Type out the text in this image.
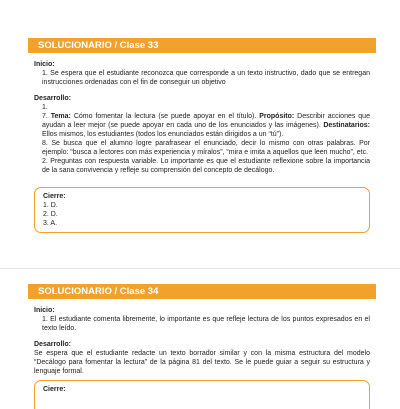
SOLUCIONARIO / Clase 33
Inicio:
1. Se espera que el estudiante reconozca que corresponde a un texto instructivo, dado que se entregan instrucciones ordenadas con el fin de conseguir un objetivo
Desarrollo:
1.
7. Tema: Cómo fomentar la lectura (se puede apoyar en el título). Propósito: Describir acciones que ayudan a leer mejor (se puede apoyar en cada uno de los enunciados y las imágenes). Destinatarios: Ellos mismos, los estudiantes (todos los enunciados están dirigidos a un “tú”).
8. Se busca que el alumno logre parafrasear el enunciado, decir lo mismo con otras palabras. Por ejemplo: “busca a lectores con más experiencia y míralos”, “mira e imita a aquellos que leen mucho”, etc.
2. Preguntas con respuesta variable. Lo importante es que el estudiante reflexione sobre la importancia de la sana convivencia y refleje su comprensión del concepto de decálogo.
Cierre:
1. D.
2. D.
3. A.
SOLUCIONARIO / Clase 34
Inicio:
1. El estudiante comenta libremente, lo importante es que refleje lectura de los puntos expresados en el texto leído.
Desarrollo:
Se espera que el estudiante redacte un texto borrador similar y con la misma estructura del modelo “Decálogo para fomentar la lectura” de la página 81 del texto. Se le puede guiar a seguir su estructura y lenguaje formal.
Cierre:
